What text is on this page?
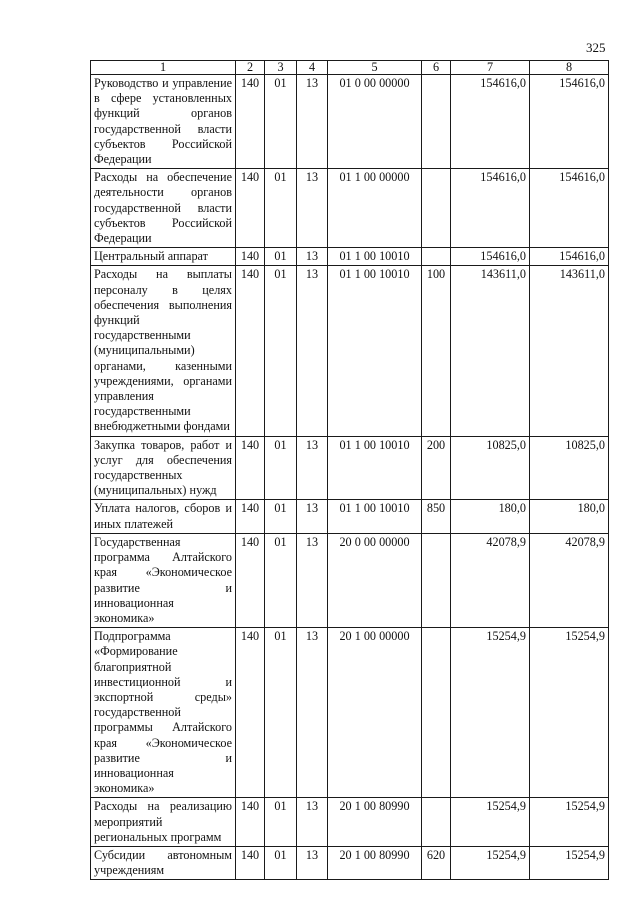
325
1	2	3	4	5	6	7	8
Руководство и управление в сфере установленных функций органов государственной власти субъектов Российской Федерации	140	01	13	01 0 00 00000		154616,0	154616,0
Расходы на обеспечение деятельности органов государственной власти субъектов Российской Федерации	140	01	13	01 1 00 00000		154616,0	154616,0
Центральный аппарат	140	01	13	01 1 00 10010		154616,0	154616,0
Расходы на выплаты персоналу в целях обеспечения выполнения функций государственными (муниципальными) органами, казенными учреждениями, органами управления государственными внебюджетными фондами	140	01	13	01 1 00 10010	100	143611,0	143611,0
Закупка товаров, работ и услуг для обеспечения государственных (муниципальных) нужд	140	01	13	01 1 00 10010	200	10825,0	10825,0
Уплата налогов, сборов и иных платежей	140	01	13	01 1 00 10010	850	180,0	180,0
Государственная программа Алтайского края «Экономическое развитие и инновационная экономика»	140	01	13	20 0 00 00000		42078,9	42078,9
Подпрограмма «Формирование благоприятной инвестиционной и экспортной среды» государственной программы Алтайского края «Экономическое развитие и инновационная экономика»	140	01	13	20 1 00 00000		15254,9	15254,9
Расходы на реализацию мероприятий региональных программ	140	01	13	20 1 00 80990		15254,9	15254,9
Субсидии автономным учреждениям	140	01	13	20 1 00 80990	620	15254,9	15254,9
